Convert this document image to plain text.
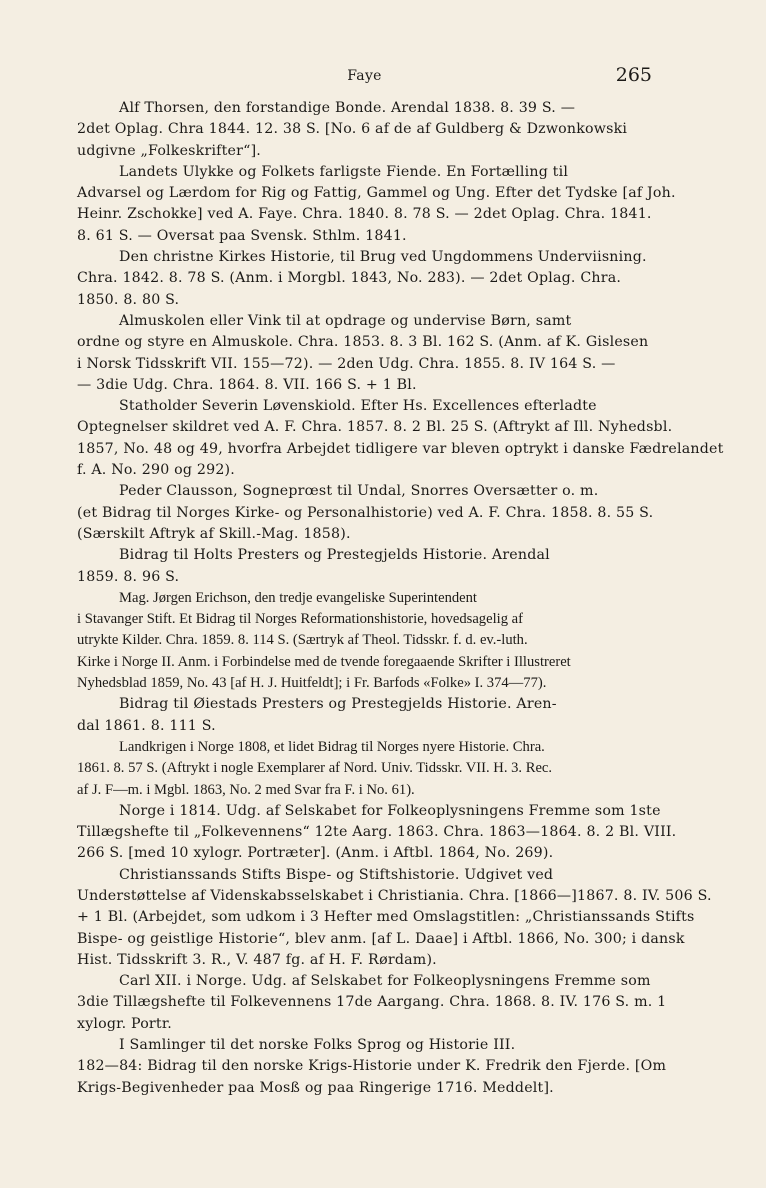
Faye	265

Alf Thorsen, den forstandige Bonde. Arendal 1838. 8. 39 S. —
2det Oplag. Chra 1844. 12. 38 S. [No. 6 af de af Guldberg & Dzwonkowski
udgivne „Folkeskrifter“].

Landets Ulykke og Folkets farligste Fiende. En Fortælling til
Advarsel og Lærdom for Rig og Fattig, Gammel og Ung. Efter det Tydske [af Joh.
Heinr. Zschokke] ved A. Faye. Chra. 1840. 8. 78 S. — 2det Oplag. Chra. 1841.
8. 61 S. — Oversat paa Svensk. Sthlm. 1841.

Den christne Kirkes Historie, til Brug ved Ungdommens Underviisning.
Chra. 1842. 8. 78 S. (Anm. i Morgbl. 1843, No. 283). — 2det Oplag. Chra.
1850. 8. 80 S.

Almuskolen eller Vink til at opdrage og undervise Børn, samt
ordne og styre en Almuskole. Chra. 1853. 8. 3 Bl. 162 S. (Anm. af K. Gislesen
i Norsk Tidsskrift VII. 155—72). — 2den Udg. Chra. 1855. 8. IV 164 S. —
— 3die Udg. Chra. 1864. 8. VII. 166 S. + 1 Bl.

Statholder Severin Løvenskiold. Efter Hs. Excellences efterladte
Optegnelser skildret ved A. F. Chra. 1857. 8. 2 Bl. 25 S. (Aftrykt af Ill. Nyhedsbl.
1857, No. 48 og 49, hvorfra Arbejdet tidligere var bleven optrykt i danske Fædrelandet
f. A. No. 290 og 292).

Peder Clausson, Sogneprœst til Undal, Snorres Oversætter o. m.
(et Bidrag til Norges Kirke- og Personalhistorie) ved A. F. Chra. 1858. 8. 55 S.
(Særskilt Aftryk af Skill.-Mag. 1858).

Bidrag til Holts Presters og Prestegjelds Historie. Arendal
1859. 8. 96 S.

Mag. Jørgen Erichson, den tredje evangeliske Superintendent
i Stavanger Stift. Et Bidrag til Norges Reformationshistorie, hovedsagelig af
utrykte Kilder. Chra. 1859. 8. 114 S. (Særtryk af Theol. Tidsskr. f. d. ev.-luth.
Kirke i Norge II. Anm. i Forbindelse med de tvende foregaaende Skrifter i Illustreret
Nyhedsblad 1859, No. 43 [af H. J. Huitfeldt]; i Fr. Barfods «Folke» I. 374—77).

Bidrag til Øiestads Presters og Prestegjelds Historie. Aren-
dal 1861. 8. 111 S.

Landkrigen i Norge 1808, et lidet Bidrag til Norges nyere Historie. Chra.
1861. 8. 57 S. (Aftrykt i nogle Exemplarer af Nord. Univ. Tidsskr. VII. H. 3. Rec.
af J. F—m. i Mgbl. 1863, No. 2 med Svar fra F. i No. 61).

Norge i 1814. Udg. af Selskabet for Folkeoplysningens Fremme som 1ste
Tillægshefte til „Folkevennens“ 12te Aarg. 1863. Chra. 1863—1864. 8. 2 Bl. VIII.
266 S. [med 10 xylogr. Portræter]. (Anm. i Aftbl. 1864, No. 269).

Christianssands Stifts Bispe- og Stiftshistorie. Udgivet ved
Understøttelse af Videnskabsselskabet i Christiania. Chra. [1866—]1867. 8. IV. 506 S.
+ 1 Bl. (Arbejdet, som udkom i 3 Hefter med Omslagstitlen: „Christianssands Stifts
Bispe- og geistlige Historie“, blev anm. [af L. Daae] i Aftbl. 1866, No. 300; i dansk
Hist. Tidsskrift 3. R., V. 487 fg. af H. F. Rørdam).

Carl XII. i Norge. Udg. af Selskabet for Folkeoplysningens Fremme som
3die Tillægshefte til Folkevennens 17de Aargang. Chra. 1868. 8. IV. 176 S. m. 1
xylogr. Portr.

I Samlinger til det norske Folks Sprog og Historie III.
182—84: Bidrag til den norske Krigs-Historie under K. Fredrik den Fjerde. [Om
Krigs-Begivenheder paa Mosß og paa Ringerige 1716. Meddelt].
